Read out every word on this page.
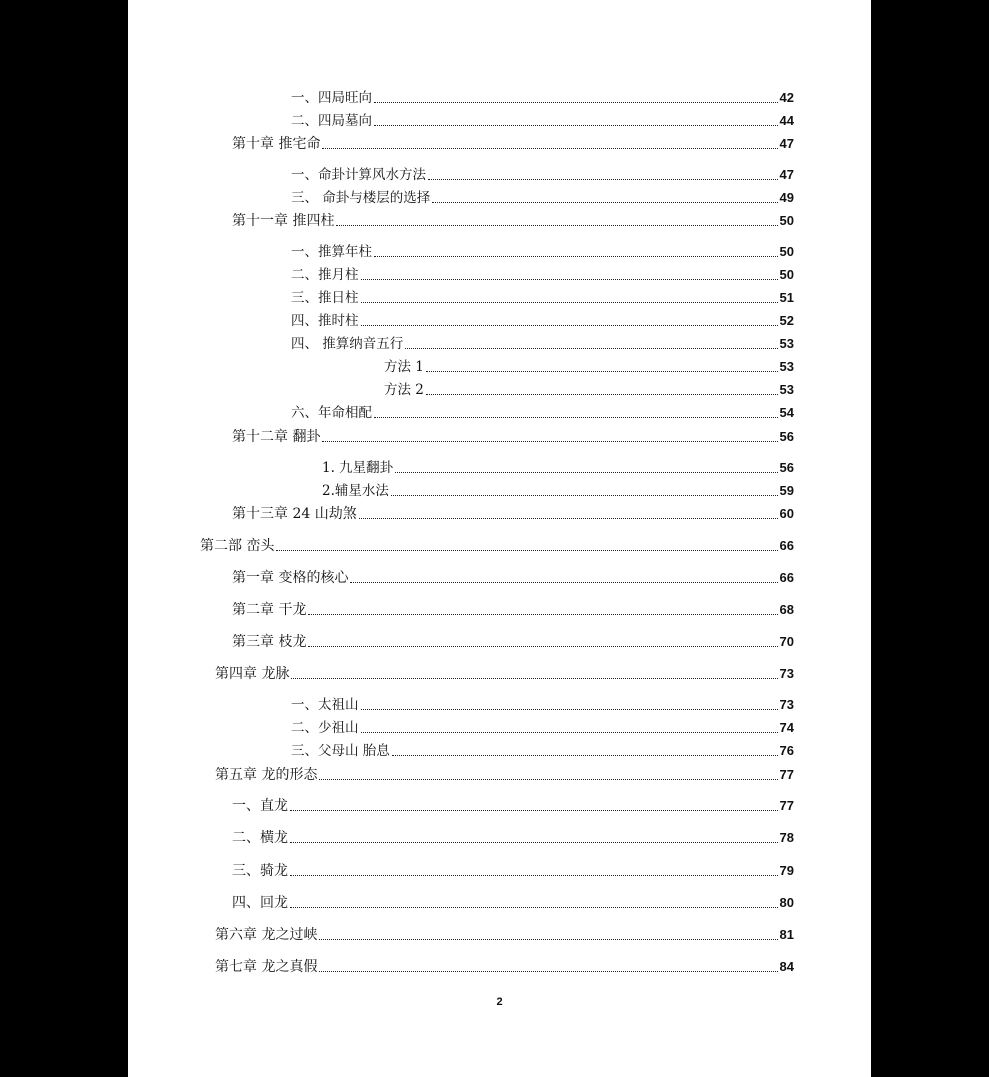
一、四局旺向	42
二、四局墓向	44
第十章 推宅命	47
一、命卦计算风水方法	47
三、 命卦与楼层的选择	49
第十一章 推四柱	50
一、推算年柱	50
二、推月柱	50
三、推日柱	51
四、推时柱	52
四、 推算纳音五行	53
方法 1	53
方法 2	53
六、年命相配	54
第十二章 翻卦	56
1. 九星翻卦	56
2.辅星水法	59
第十三章 24 山劫煞	60
第二部 峦头	66
第一章 变格的核心	66
第二章 干龙	68
第三章 枝龙	70
第四章 龙脉	73
一、太祖山	73
二、少祖山	74
三、父母山 胎息	76
第五章 龙的形态	77
一、直龙	77
二、横龙	78
三、骑龙	79
四、回龙	80
第六章 龙之过峡	81
第七章 龙之真假	84
2
